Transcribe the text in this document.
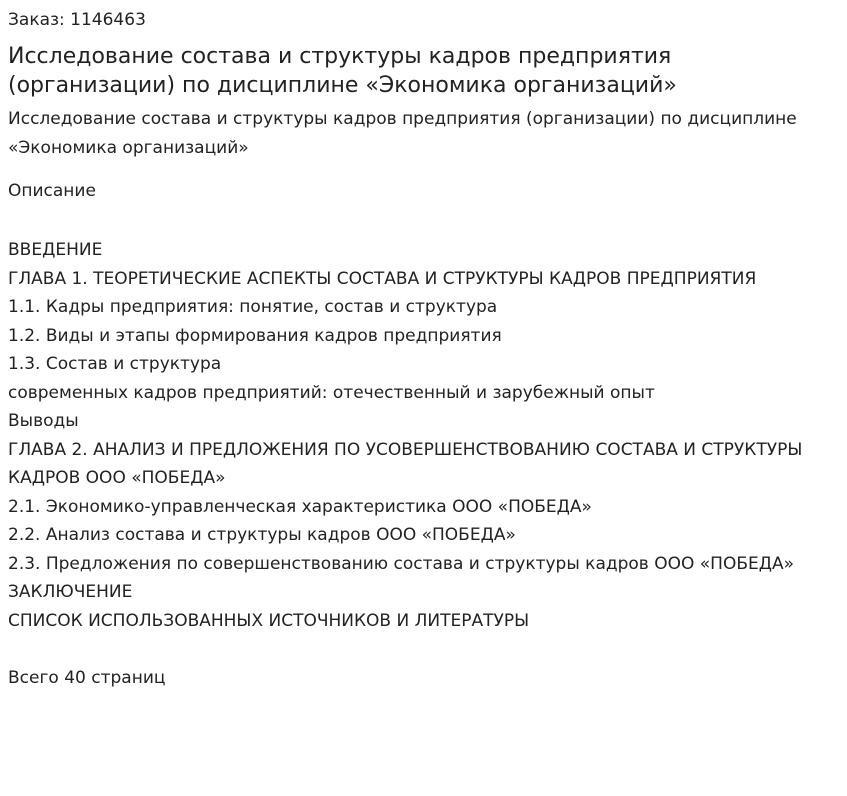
Заказ: 1146463

Исследование состава и структуры кадров предприятия (организации) по дисциплине «Экономика организаций»

Исследование состава и структуры кадров предприятия (организации) по дисциплине «Экономика организаций»

Описание

ВВЕДЕНИЕ
ГЛАВА 1. ТЕОРЕТИЧЕСКИЕ АСПЕКТЫ СОСТАВА И СТРУКТУРЫ КАДРОВ ПРЕДПРИЯТИЯ
1.1. Кадры предприятия: понятие, состав и структура
1.2. Виды и этапы формирования кадров предприятия
1.3. Состав и структура
современных кадров предприятий: отечественный и зарубежный опыт
Выводы
ГЛАВА 2. АНАЛИЗ И ПРЕДЛОЖЕНИЯ ПО УСОВЕРШЕНСТВОВАНИЮ СОСТАВА И СТРУКТУРЫ КАДРОВ ООО «ПОБЕДА»
2.1. Экономико-управленческая характеристика ООО «ПОБЕДА»
2.2. Анализ состава и структуры кадров ООО «ПОБЕДА»
2.3. Предложения по совершенствованию состава и структуры кадров ООО «ПОБЕДА»
ЗАКЛЮЧЕНИЕ
СПИСОК ИСПОЛЬЗОВАННЫХ ИСТОЧНИКОВ И ЛИТЕРАТУРЫ

Всего 40 страниц
